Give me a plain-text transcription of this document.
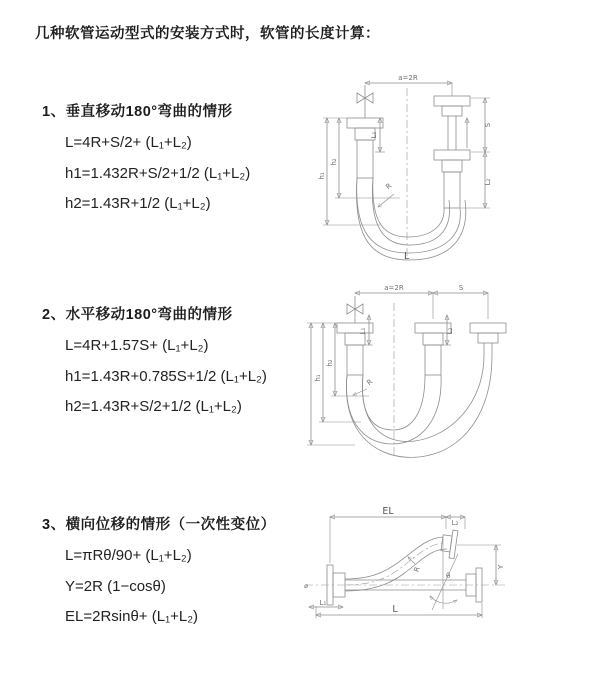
几种软管运动型式的安装方式时，软管的长度计算：

1、垂直移动180°弯曲的情形

L=4R+S/2+ (L₁+L₂)

h1=1.432R+S/2+1/2 (L₁+L₂)

h2=1.43R+1/2 (L₁+L₂)

a=2R
h₂
h₁
L₁
S
L₂
R
L

2、水平移动180°弯曲的情形

L=4R+1.57S+ (L₁+L₂)

h1=1.43R+0.785S+1/2 (L₁+L₂)

h2=1.43R+S/2+1/2 (L₁+L₂)

a=2R	S
L₁	L₂
h₂
h₁	R

3、横向位移的情形（一次性变位）

L=πRθ/90+ (L₁+L₂)

Y=2R (1−cosθ)

EL=2Rsinθ+ (L₁+L₂)

⌀
EL
L₂
Y
θ
R
L
L₁
